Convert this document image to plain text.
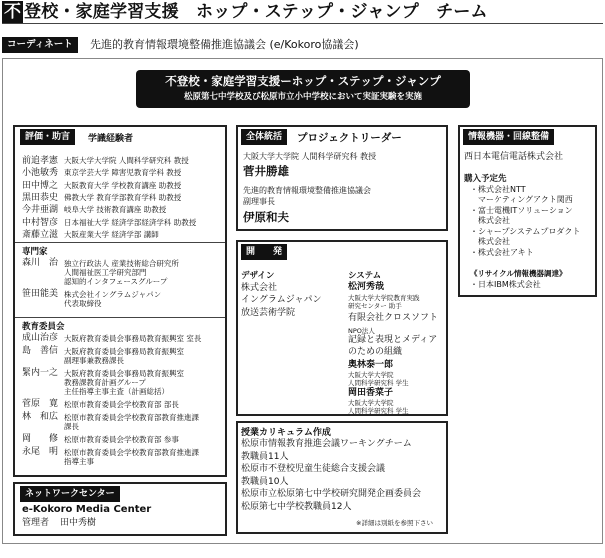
不 登校・家庭学習支援　ホップ・ステップ・ジャンプ　チーム
コーディネート	先進的教育情報環境整備推進協議会 (e/Kokoro協議会)
不登校・家庭学習支援ーホップ・ステップ・ジャンプ
松原第七中学校及び松原市立小中学校において実証実験を実施
評価・助言	学識経験者
前追孝憲 大阪大学大学院 人間科学研究科 教授
小池敏秀 東京学芸大学 障害児教育学科 教授
田中博之 大阪教育大学 学校教育講座 助教授
黒田恭史 佛教大学 教育学部教育学科 助教授
今井亜湖 岐阜大学 技術教育講座 助教授
中村智彦 日本福祉大学 経済学部経済学科 助教授
斎藤立滋 大阪産業大学 経済学部 講師
専門家
森川　治 独立行政法人 産業技術総合研究所
人間福祉医工学研究部門
認知的インタフェースグループ
笹田能美 株式会社イングラムジャパン
代表取締役
教育委員会
成山治彦 大阪府教育委員会事務局教育振興室 室長
島　善信 大阪府教育委員会事務局教育振興室
副理事兼教務課長
緊内一之 大阪府教育委員会事務局教育振興室
教務課教育計画グループ
主任指導主事主査（計画総括）
菅原　寛 松原市教育委員会学校教育部 部長
林　和広 松原市教育委員会学校教育部教育推進課
課長
岡　　修 松原市教育委員会学校教育部 参事
永尾　明 松原市教育委員会学校教育部教育推進課
指導主事
ネットワークセンター
e-Kokoro Media Center
管理者 田中秀樹
全体統括	プロジェクトリーダー
大阪大学大学院 人間科学研究科 教授
菅井勝雄
先進的教育情報環境整備推進協議会
副理事長
伊原和夫
開　　発
デザイン
株式会社
イングラムジャパン
放送芸術学院
システム
松河秀哉
大阪大学大学院教育実践
研究センター 助手
有限会社クロスソフト
NPO法人
記録と表現とメディア
のための組織
奥林泰一郎
大阪大学大学院
人間科学研究科 学生
岡田香菜子
大阪大学大学院
人間科学研究科 学生
授業カリキュラム作成
松原市情報教育推進会議ワーキングチーム
教職員11人
松原市不登校児童生徒総合支援会議
教職員10人
松原市立松原第七中学校研究開発企画委員会
松原第七中学校教職員12人
※詳細は別紙を参照下さい
情報機器・回線整備
西日本電信電話株式会社
購入予定先
・株式会社NTT
マーケティングアクト関西
・富士電機ITソリューション
株式会社
・シャープシステムプロダクト
株式会社
・株式会社アキト
《リサイクル情報機器調達》
・日本IBM株式会社
